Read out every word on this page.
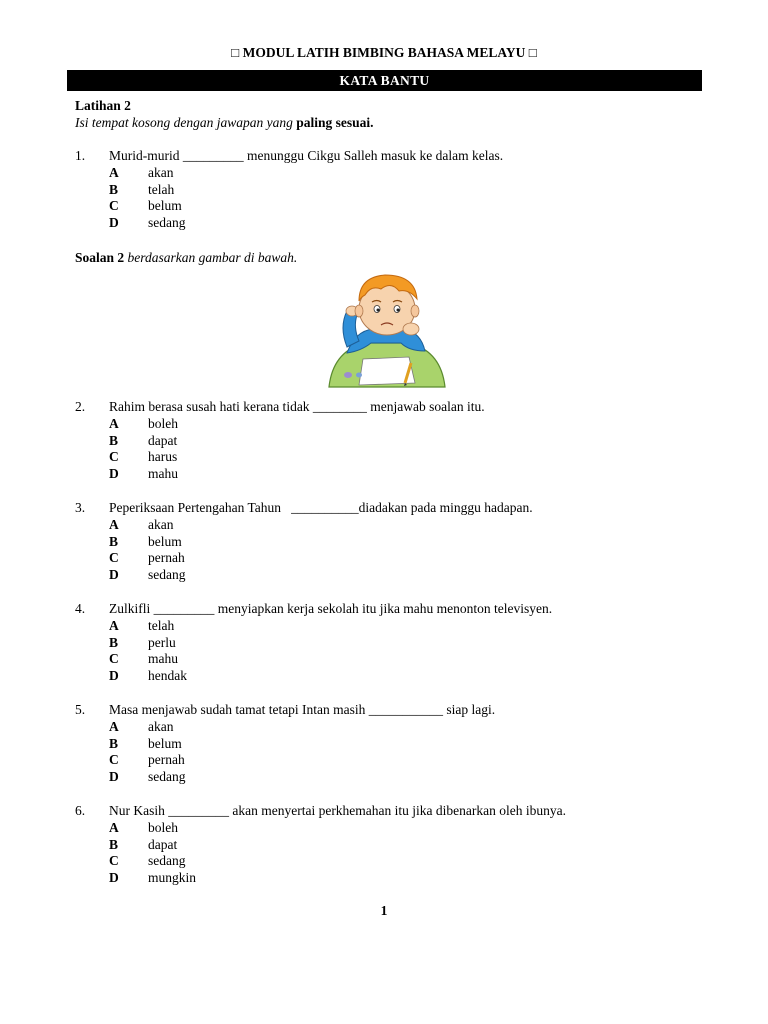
□ MODUL LATIH BIMBING BAHASA MELAYU □
KATA BANTU
Latihan 2
Isi tempat kosong dengan jawapan yang paling sesuai.
1. Murid-murid _________ menunggu Cikgu Salleh masuk ke dalam kelas.
A akan
B telah
C belum
D sedang
Soalan 2 berdasarkan gambar di bawah.
2. Rahim berasa susah hati kerana tidak ________ menjawab soalan itu.
A boleh
B dapat
C harus
D mahu
3. Peperiksaan Pertengahan Tahun   __________diadakan pada minggu hadapan.
A akan
B belum
C pernah
D sedang
4. Zulkifli _________ menyiapkan kerja sekolah itu jika mahu menonton televisyen.
A telah
B perlu
C mahu
D hendak
5. Masa menjawab sudah tamat tetapi Intan masih ___________ siap lagi.
A akan
B belum
C pernah
D sedang
6. Nur Kasih _________ akan menyertai perkhemahan itu jika dibenarkan oleh ibunya.
A boleh
B dapat
C sedang
D mungkin
1
